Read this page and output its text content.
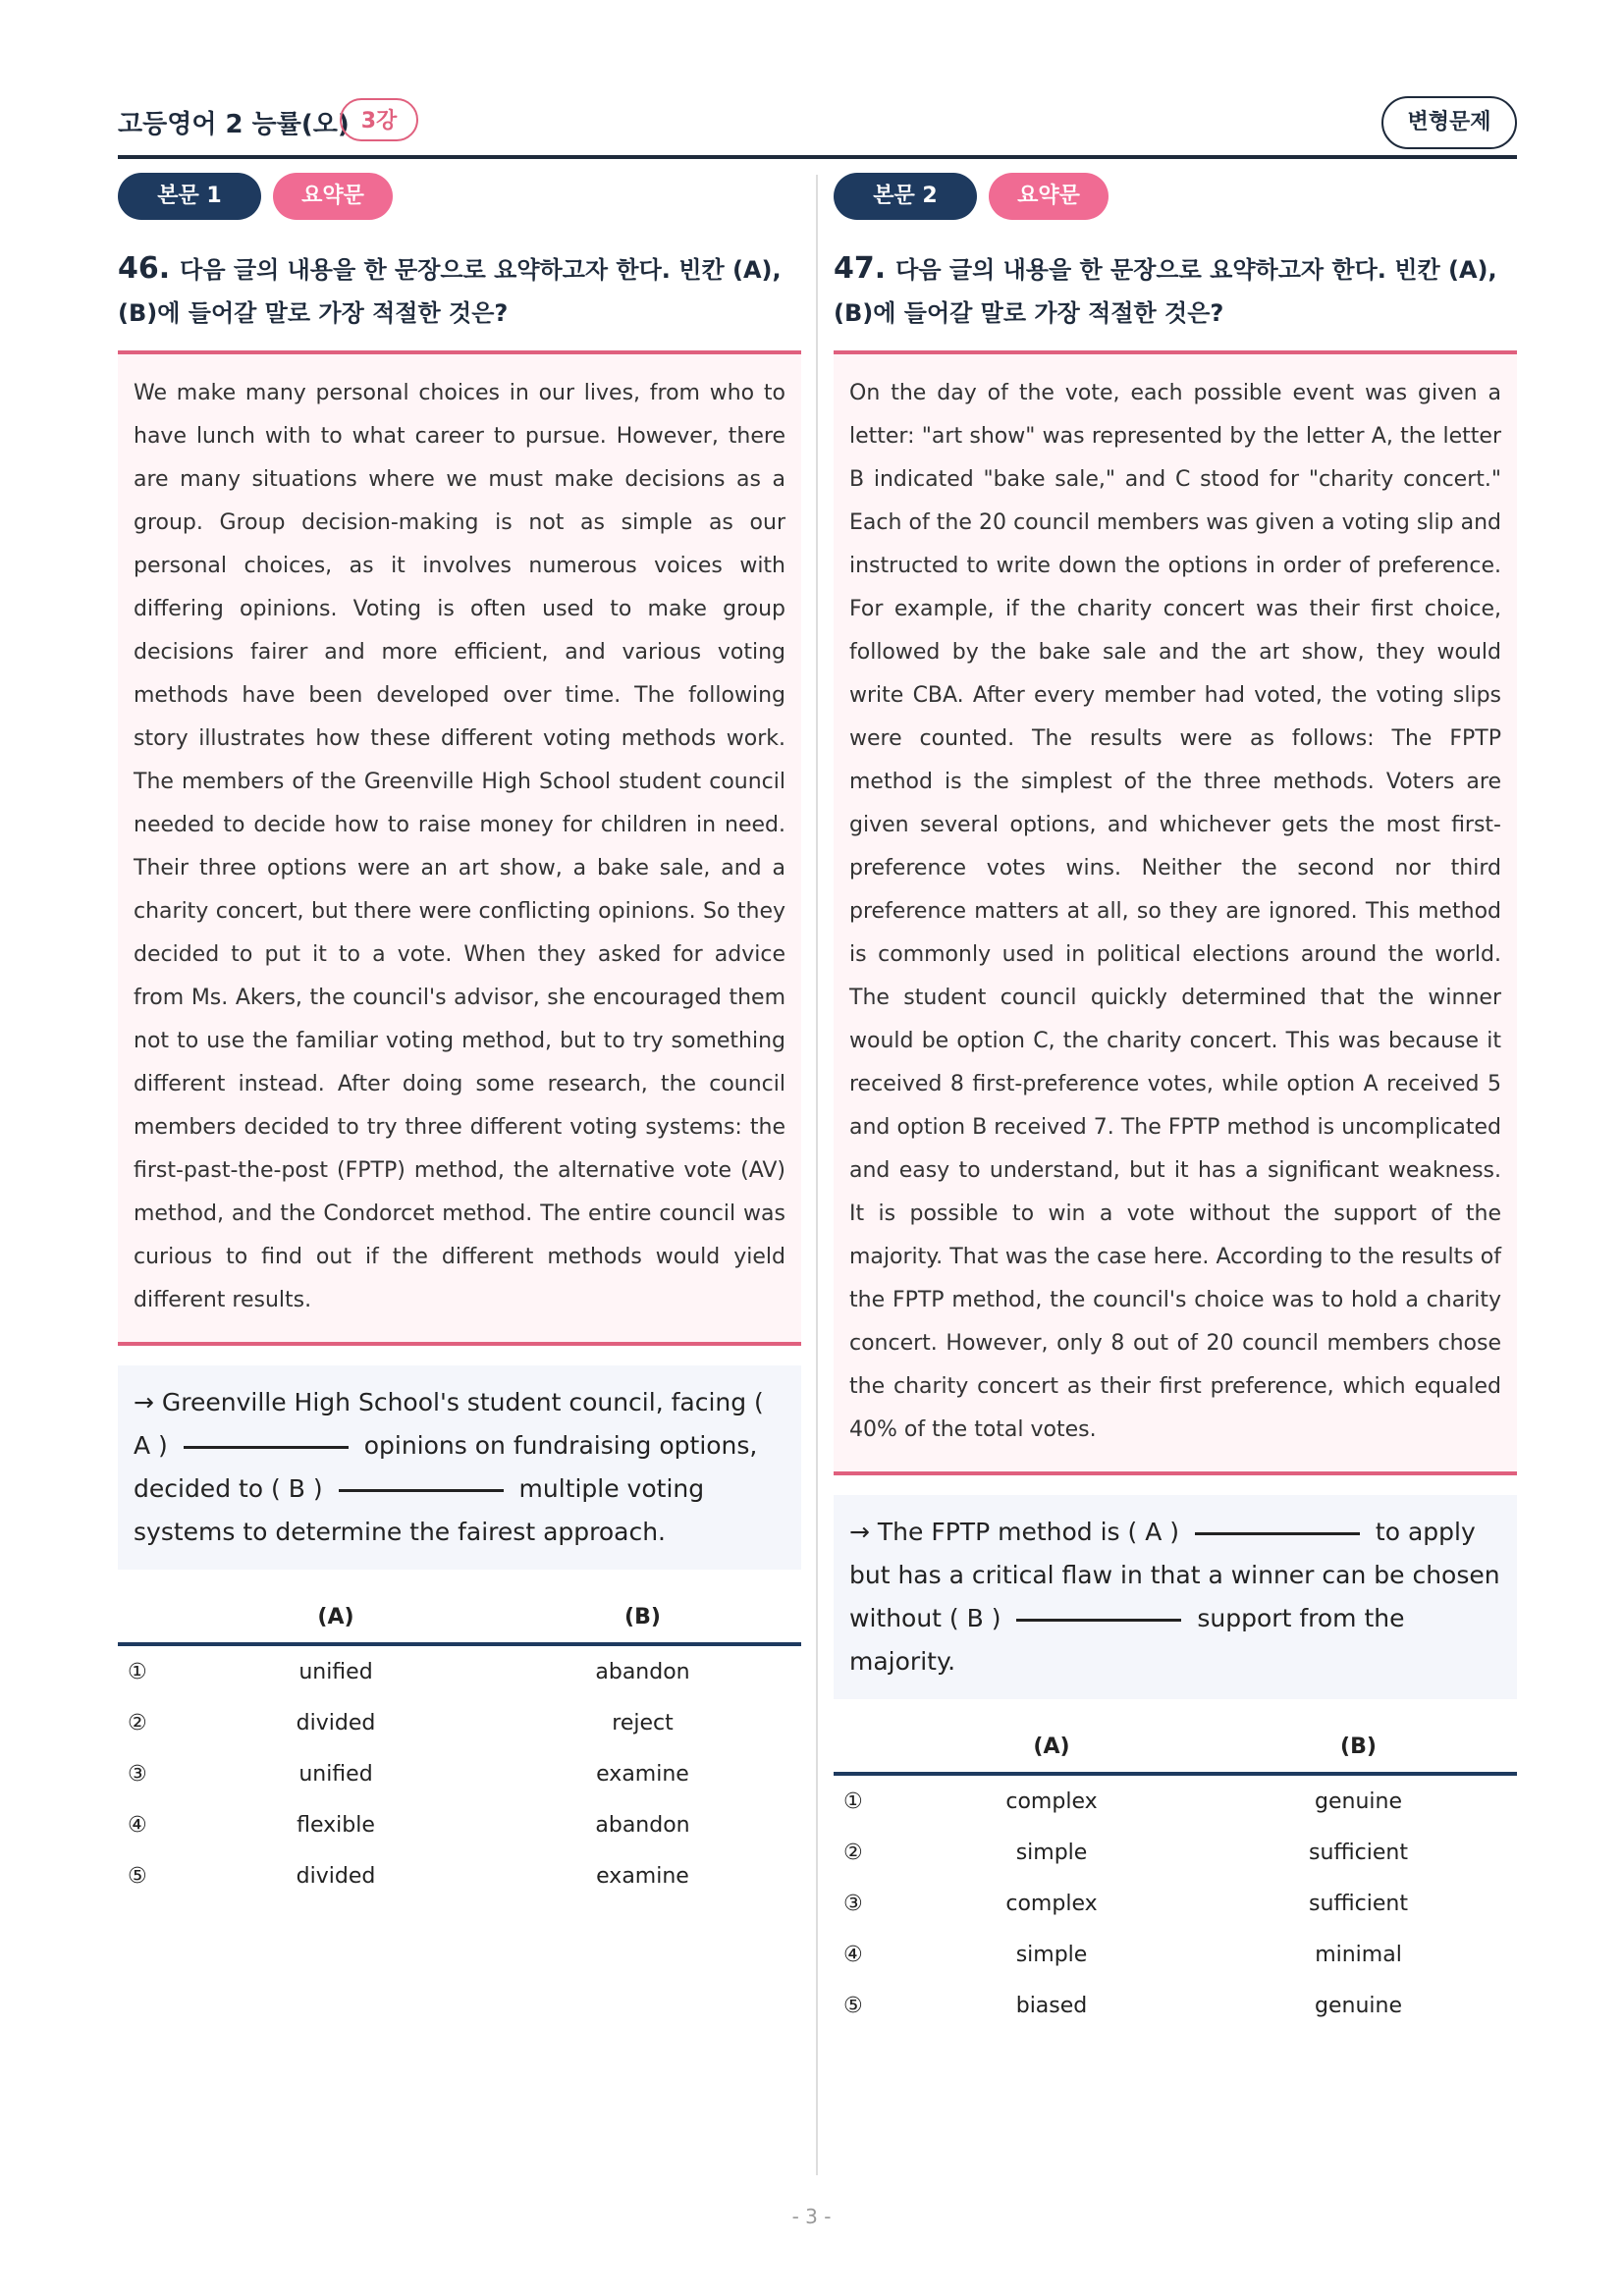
고등영어 2 능률(오) 3강	변형문제
본문 1	요약문
46. 다음 글의 내용을 한 문장으로 요약하고자 한다. 빈칸 (A), (B)에 들어갈 말로 가장 적절한 것은?
We make many personal choices in our lives, from who to have lunch with to what career to pursue. However, there are many situations where we must make decisions as a group. Group decision-making is not as simple as our personal choices, as it involves numerous voices with differing opinions. Voting is often used to make group decisions fairer and more efficient, and various voting methods have been developed over time. The following story illustrates how these different voting methods work. The members of the Greenville High School student council needed to decide how to raise money for children in need. Their three options were an art show, a bake sale, and a charity concert, but there were conflicting opinions. So they decided to put it to a vote. When they asked for advice from Ms. Akers, the council's advisor, she encouraged them not to use the familiar voting method, but to try something different instead. After doing some research, the council members decided to try three different voting systems: the first-past-the-post (FPTP) method, the alternative vote (AV) method, and the Condorcet method. The entire council was curious to find out if the different methods would yield different results.
→ Greenville High School's student council, facing ( A )	opinions on fundraising options, decided to ( B )	multiple voting systems to determine the fairest approach.
	(A)	(B)
①	unified	abandon
②	divided	reject
③	unified	examine
④	flexible	abandon
⑤	divided	examine
본문 2	요약문
47. 다음 글의 내용을 한 문장으로 요약하고자 한다. 빈칸 (A), (B)에 들어갈 말로 가장 적절한 것은?
On the day of the vote, each possible event was given a letter: "art show" was represented by the letter A, the letter B indicated "bake sale," and C stood for "charity concert." Each of the 20 council members was given a voting slip and instructed to write down the options in order of preference. For example, if the charity concert was their first choice, followed by the bake sale and the art show, they would write CBA. After every member had voted, the voting slips were counted. The results were as follows: The FPTP method is the simplest of the three methods. Voters are given several options, and whichever gets the most first-preference votes wins. Neither the second nor third preference matters at all, so they are ignored. This method is commonly used in political elections around the world. The student council quickly determined that the winner would be option C, the charity concert. This was because it received 8 first-preference votes, while option A received 5 and option B received 7. The FPTP method is uncomplicated and easy to understand, but it has a significant weakness. It is possible to win a vote without the support of the majority. That was the case here. According to the results of the FPTP method, the council's choice was to hold a charity concert. However, only 8 out of 20 council members chose the charity concert as their first preference, which equaled 40% of the total votes.
→ The FPTP method is ( A )	to apply but has a critical flaw in that a winner can be chosen without ( B )	support from the majority.
	(A)	(B)
①	complex	genuine
②	simple	sufficient
③	complex	sufficient
④	simple	minimal
⑤	biased	genuine
- 3 -
